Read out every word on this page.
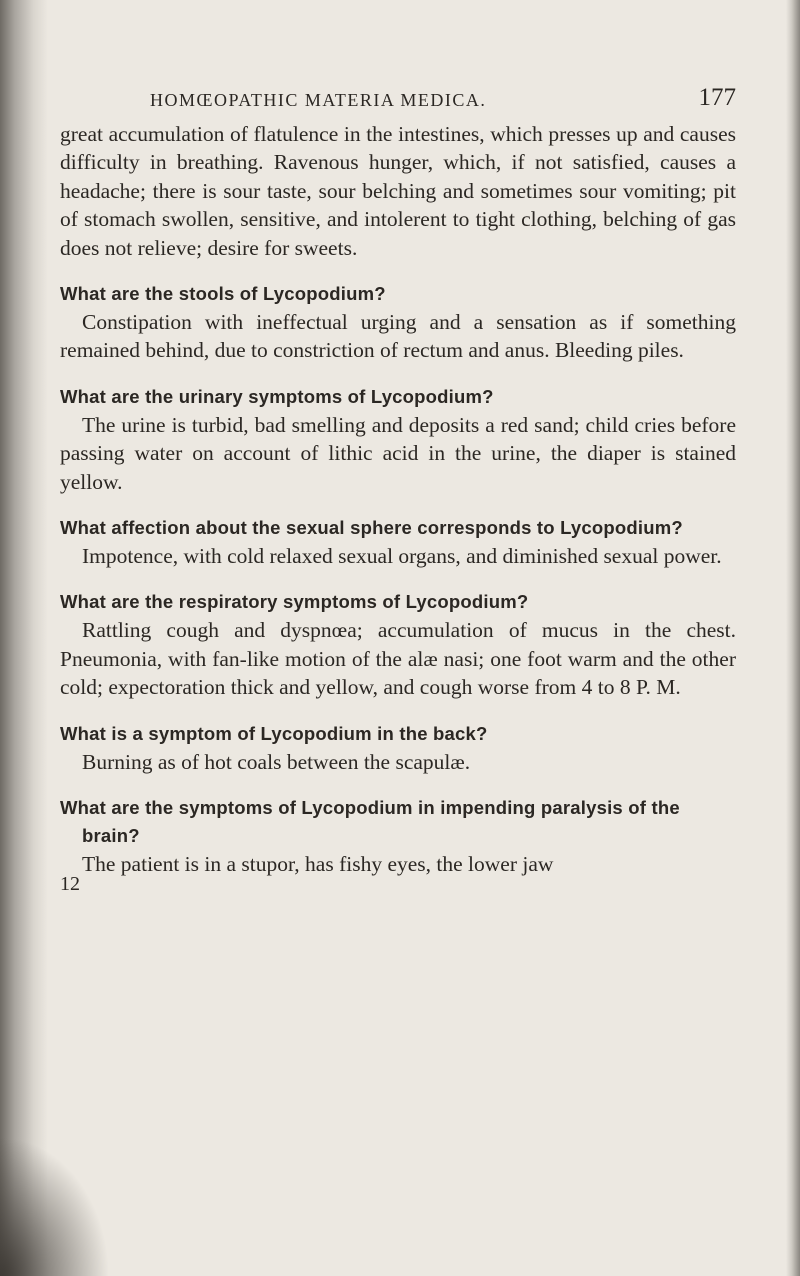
HOMŒOPATHIC MATERIA MEDICA.	177

great accumulation of flatulence in the intestines, which presses up and causes difficulty in breathing. Ravenous hunger, which, if not satisfied, causes a headache; there is sour taste, sour belching and sometimes sour vomiting; pit of stomach swollen, sensitive, and intolerent to tight clothing, belching of gas does not relieve; desire for sweets.

What are the stools of Lycopodium?

Constipation with ineffectual urging and a sensation as if something remained behind, due to constriction of rectum and anus. Bleeding piles.

What are the urinary symptoms of Lycopodium?

The urine is turbid, bad smelling and deposits a red sand; child cries before passing water on account of lithic acid in the urine, the diaper is stained yellow.

What affection about the sexual sphere corresponds to Lycopodium?

Impotence, with cold relaxed sexual organs, and diminished sexual power.

What are the respiratory symptoms of Lycopodium?

Rattling cough and dyspnœa; accumulation of mucus in the chest. Pneumonia, with fan-like motion of the alæ nasi; one foot warm and the other cold; expectoration thick and yellow, and cough worse from 4 to 8 P. M.

What is a symptom of Lycopodium in the back?

Burning as of hot coals between the scapulæ.

What are the symptoms of Lycopodium in impending paralysis of the brain?

The patient is in a stupor, has fishy eyes, the lower jaw

12
